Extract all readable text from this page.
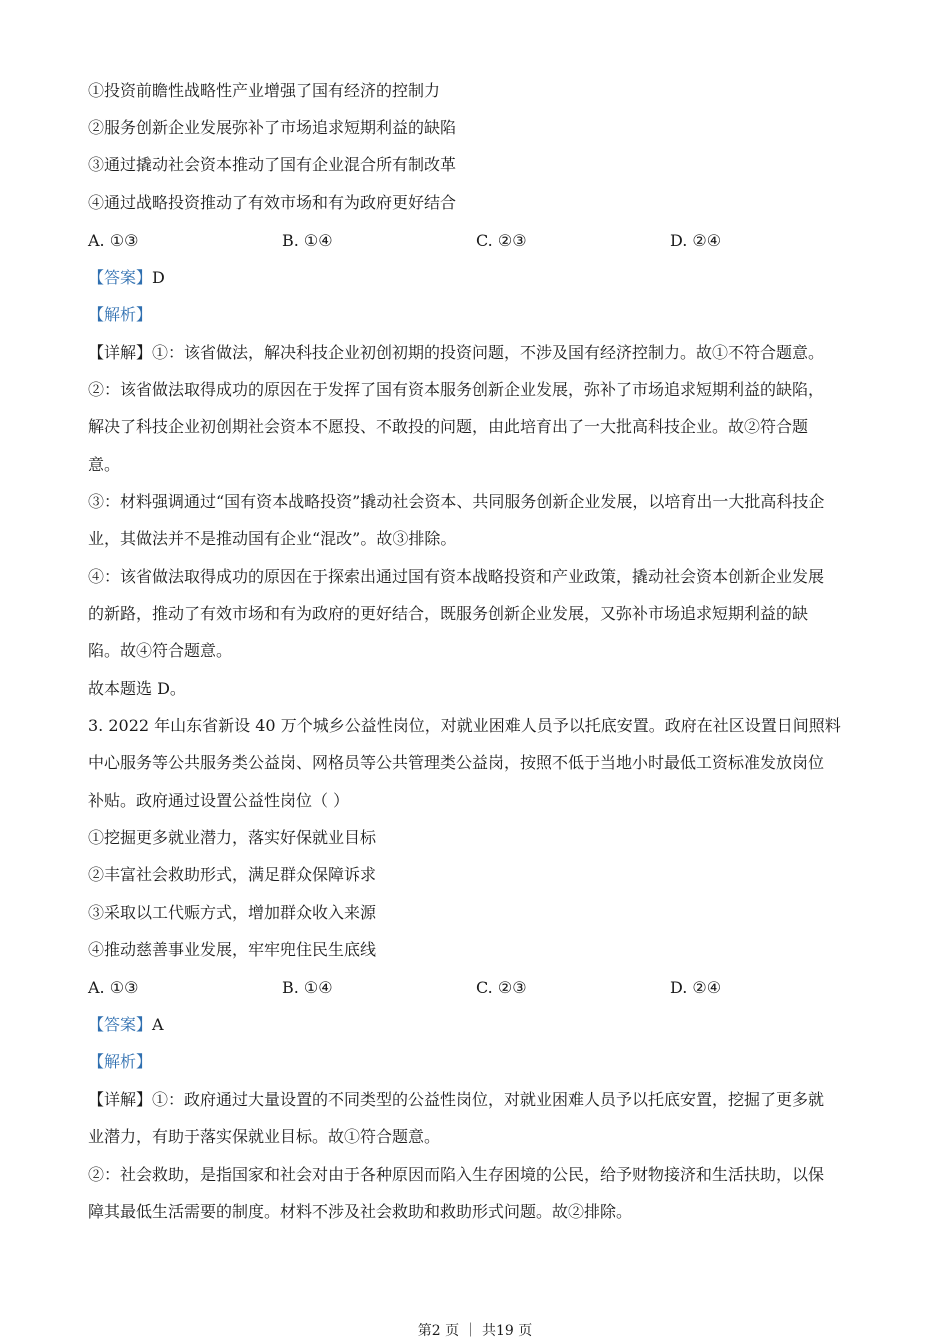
①投资前瞻性战略性产业增强了国有经济的控制力
②服务创新企业发展弥补了市场追求短期利益的缺陷
③通过撬动社会资本推动了国有企业混合所有制改革
④通过战略投资推动了有效市场和有为政府更好结合
A. ①③	B. ①④	C. ②③	D. ②④
【答案】D
【解析】
【详解】①：该省做法，解决科技企业初创初期的投资问题，不涉及国有经济控制力。故①不符合题意。
②：该省做法取得成功的原因在于发挥了国有资本服务创新企业发展，弥补了市场追求短期利益的缺陷，
解决了科技企业初创期社会资本不愿投、不敢投的问题，由此培育出了一大批高科技企业。故②符合题
意。
③：材料强调通过“国有资本战略投资”撬动社会资本、共同服务创新企业发展，以培育出一大批高科技企
业，其做法并不是推动国有企业“混改”。故③排除。
④：该省做法取得成功的原因在于探索出通过国有资本战略投资和产业政策，撬动社会资本创新企业发展
的新路，推动了有效市场和有为政府的更好结合，既服务创新企业发展，又弥补市场追求短期利益的缺
陷。故④符合题意。
故本题选 D。
3. 2022 年山东省新设 40 万个城乡公益性岗位，对就业困难人员予以托底安置。政府在社区设置日间照料
中心服务等公共服务类公益岗、网格员等公共管理类公益岗，按照不低于当地小时最低工资标准发放岗位
补贴。政府通过设置公益性岗位（ ）
①挖掘更多就业潜力，落实好保就业目标
②丰富社会救助形式，满足群众保障诉求
③采取以工代赈方式，增加群众收入来源
④推动慈善事业发展，牢牢兜住民生底线
A. ①③	B. ①④	C. ②③	D. ②④
【答案】A
【解析】
【详解】①：政府通过大量设置的不同类型的公益性岗位，对就业困难人员予以托底安置，挖掘了更多就
业潜力，有助于落实保就业目标。故①符合题意。
②：社会救助，是指国家和社会对由于各种原因而陷入生存困境的公民，给予财物接济和生活扶助，以保
障其最低生活需要的制度。材料不涉及社会救助和救助形式问题。故②排除。
第2 页 ｜ 共19 页
